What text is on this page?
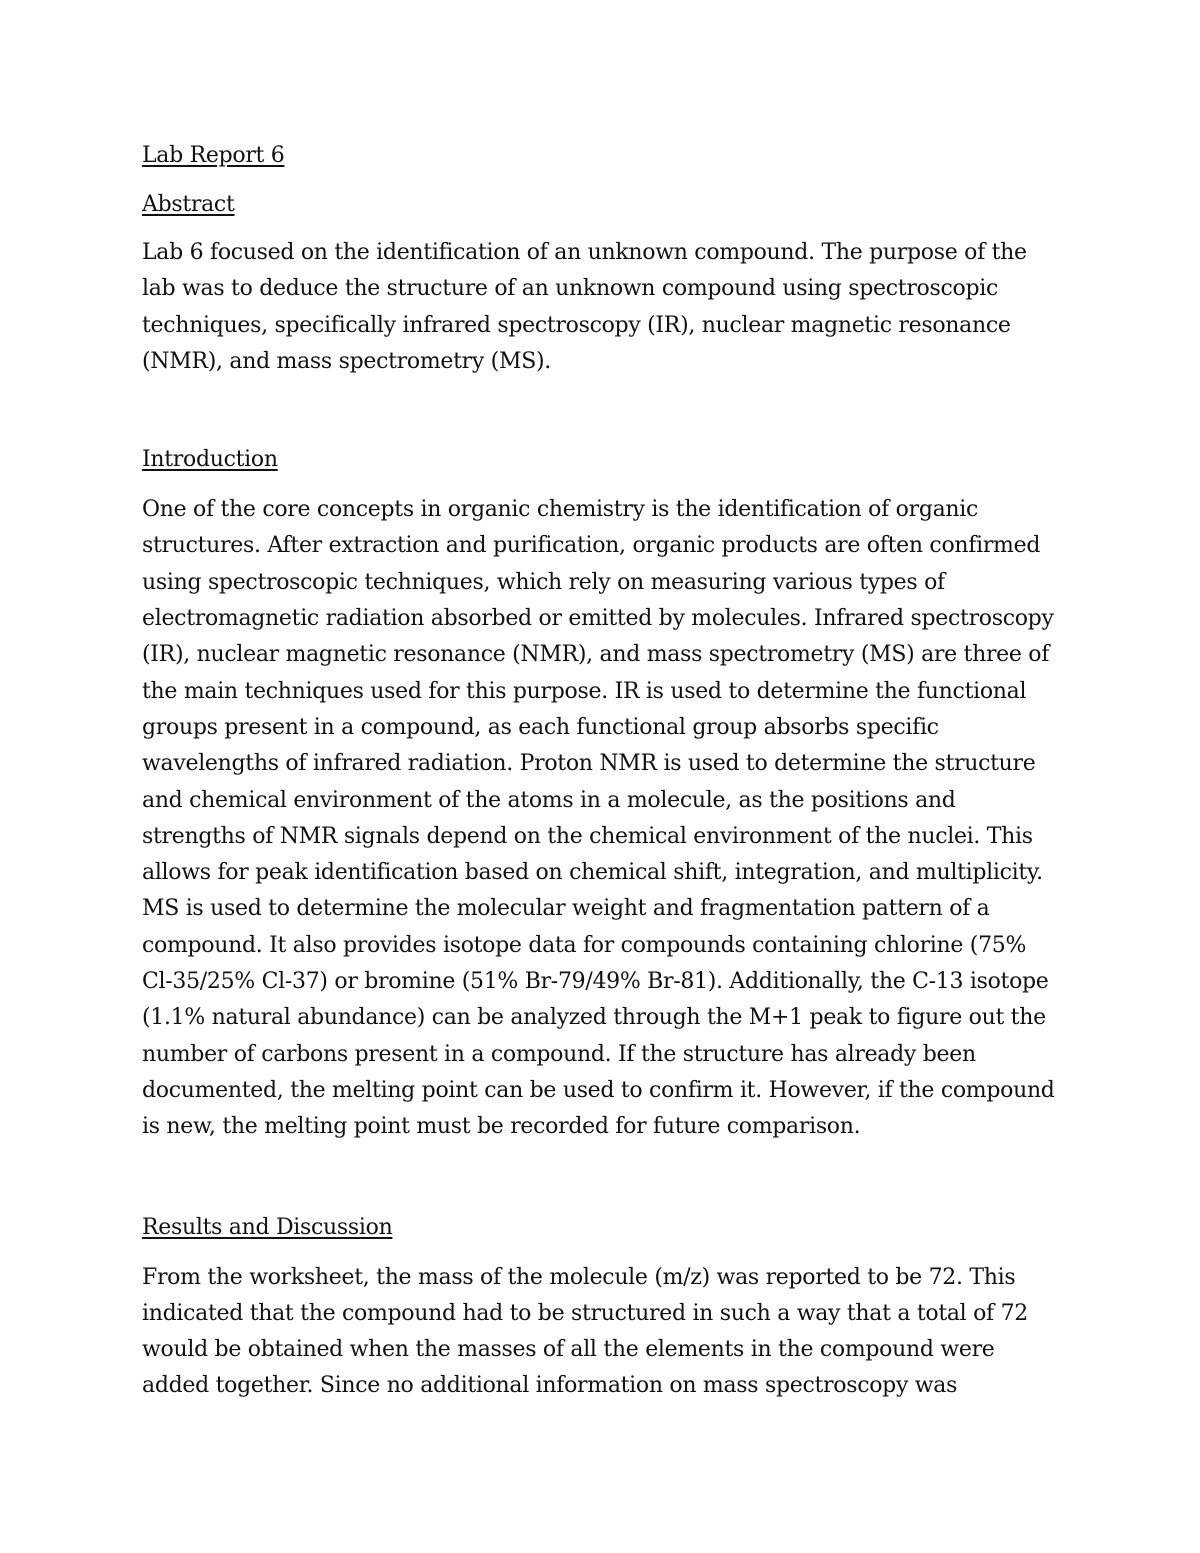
Lab Report 6
Abstract

Lab 6 focused on the identification of an unknown compound. The purpose of the lab was to deduce the structure of an unknown compound using spectroscopic techniques, specifically infrared spectroscopy (IR), nuclear magnetic resonance (NMR), and mass spectrometry (MS).

Introduction

One of the core concepts in organic chemistry is the identification of organic structures. After extraction and purification, organic products are often confirmed using spectroscopic techniques, which rely on measuring various types of electromagnetic radiation absorbed or emitted by molecules. Infrared spectroscopy (IR), nuclear magnetic resonance (NMR), and mass spectrometry (MS) are three of the main techniques used for this purpose. IR is used to determine the functional groups present in a compound, as each functional group absorbs specific wavelengths of infrared radiation. Proton NMR is used to determine the structure and chemical environment of the atoms in a molecule, as the positions and strengths of NMR signals depend on the chemical environment of the nuclei. This allows for peak identification based on chemical shift, integration, and multiplicity. MS is used to determine the molecular weight and fragmentation pattern of a compound. It also provides isotope data for compounds containing chlorine (75% Cl-35/25% Cl-37) or bromine (51% Br-79/49% Br-81). Additionally, the C-13 isotope (1.1% natural abundance) can be analyzed through the M+1 peak to figure out the number of carbons present in a compound. If the structure has already been documented, the melting point can be used to confirm it. However, if the compound is new, the melting point must be recorded for future comparison.

Results and Discussion

From the worksheet, the mass of the molecule (m/z) was reported to be 72. This indicated that the compound had to be structured in such a way that a total of 72 would be obtained when the masses of all the elements in the compound were added together. Since no additional information on mass spectroscopy was
